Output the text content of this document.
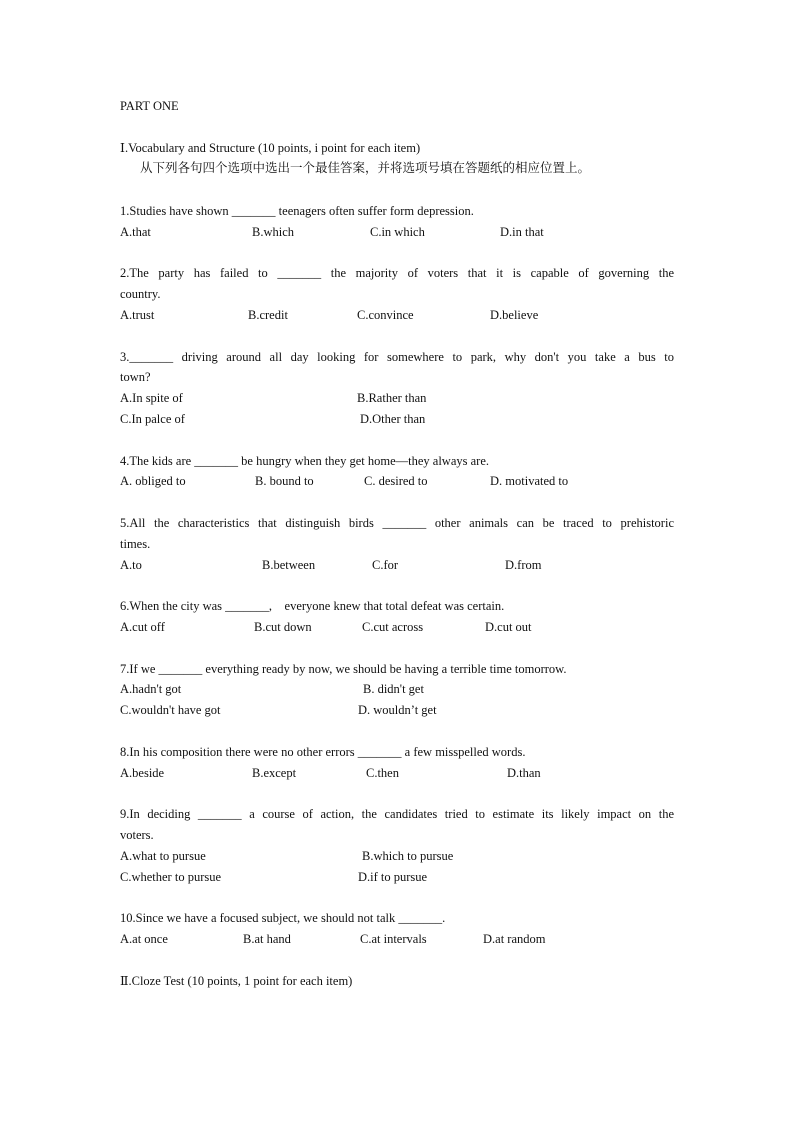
PART ONE
Ⅰ.Vocabulary and Structure (10 points, i point for each item)
从下列各句四个选项中选出一个最佳答案，并将选项号填在答题纸的相应位置上。
1.Studies have shown _______ teenagers often suffer form depression.
A.that	B.which	C.in which	D.in that
2.The party has failed to _______ the majority of voters that it is capable of governing the
country.
A.trust	B.credit	C.convince	D.believe
3._______ driving around all day looking for somewhere to park, why don't you take a bus to
town?
A.In spite of	B.Rather than
C.In palce of	D.Other than
4.The kids are _______ be hungry when they get home—they always are.
A. obliged to	B. bound to	C. desired to	D. motivated to
5.All the characteristics that distinguish birds _______ other animals can be traced to prehistoric
times.
A.to	B.between	C.for	D.from
6.When the city was _______,    everyone knew that total defeat was certain.
A.cut off	B.cut down	C.cut across	D.cut out
7.If we _______ everything ready by now, we should be having a terrible time tomorrow.
A.hadn't got	B. didn't get
C.wouldn't have got	D. wouldn’t get
8.In his composition there were no other errors _______ a few misspelled words.
A.beside	B.except	C.then	D.than
9.In deciding _______ a course of action, the candidates tried to estimate its likely impact on the
voters.
A.what to pursue	B.which to pursue
C.whether to pursue	D.if to pursue
10.Since we have a focused subject, we should not talk _______.
A.at once	B.at hand	C.at intervals	D.at random
Ⅱ.Cloze Test (10 points, 1 point for each item)
